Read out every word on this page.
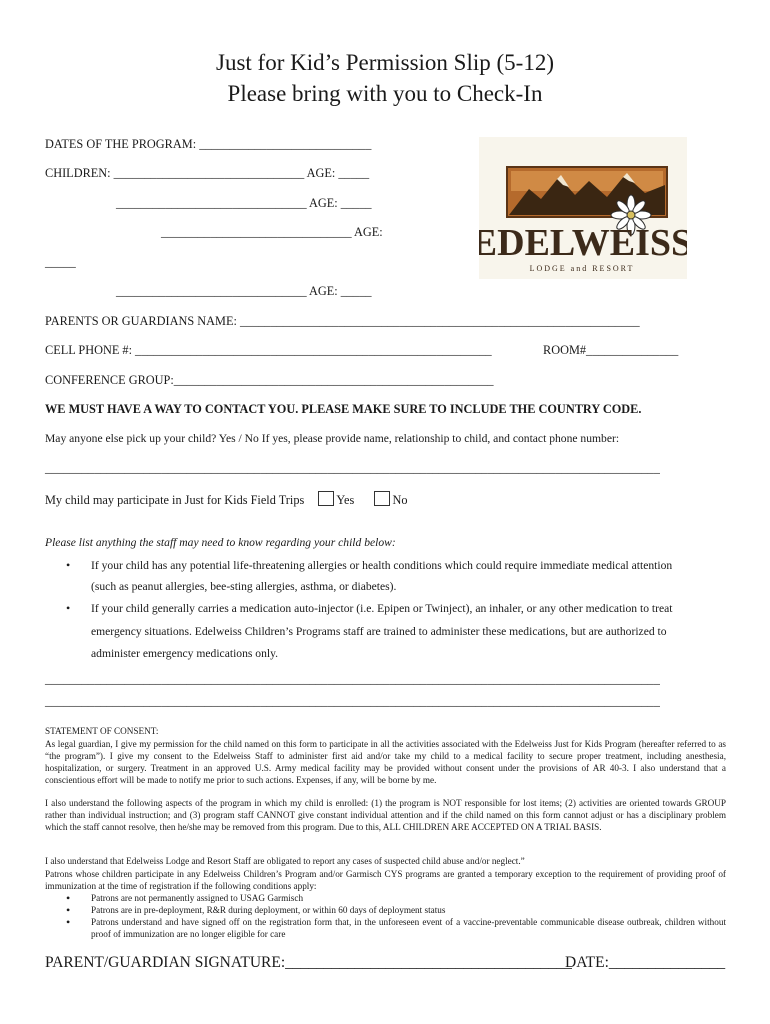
Just for Kid’s Permission Slip (5-12)
Please bring with you to Check-In
EDELWEISS
LODGE and RESORT
DATES OF THE PROGRAM: ____________________________
CHILDREN: _______________________________ AGE: _____
_______________________________ AGE: _____
_______________________________ AGE:
_____
_______________________________ AGE: _____
PARENTS OR GUARDIANS NAME: _________________________________________________________________
CELL PHONE #: __________________________________________________________	ROOM#_______________
CONFERENCE GROUP:____________________________________________________
WE MUST HAVE A WAY TO CONTACT YOU. PLEASE MAKE SURE TO INCLUDE THE COUNTRY CODE.
May anyone else pick up your child? Yes / No If yes, please provide name, relationship to child, and contact phone number:
____________________________________________________________________________________________________
My child may participate in Just for Kids Field Trips	Yes	No
Please list anything the staff may need to know regarding your child below:
• If your child has any potential life-threatening allergies or health conditions which could require immediate medical attention
(such as peanut allergies, bee-sting allergies, asthma, or diabetes).
• If your child generally carries a medication auto-injector (i.e. Epipen or Twinject), an inhaler, or any other medication to treat
emergency situations. Edelweiss Children’s Programs staff are trained to administer these medications, but are authorized to
administer emergency medications only.
____________________________________________________________________________________________________
____________________________________________________________________________________________________
STATEMENT OF CONSENT:
As legal guardian, I give my permission for the child named on this form to participate in all the activities associated with the Edelweiss Just for Kids Program (hereafter referred to as “the program”). I give my consent to the Edelweiss Staff to administer first aid and/or take my child to a medical facility to secure proper treatment, including anesthesia, hospitalization, or surgery. Treatment in an approved U.S. Army medical facility may be provided without consent under the provisions of AR 40-3. I also understand that a conscientious effort will be made to notify me prior to such actions. Expenses, if any, will be borne by me.
I also understand the following aspects of the program in which my child is enrolled: (1) the program is NOT responsible for lost items; (2) activities are oriented towards GROUP rather than individual instruction; and (3) program staff CANNOT give constant individual attention and if the child named on this form cannot adjust or has a disciplinary problem which the staff cannot resolve, then he/she may be removed from this program. Due to this, ALL CHILDREN ARE ACCEPTED ON A TRIAL BASIS.
I also understand that Edelweiss Lodge and Resort Staff are obligated to report any cases of suspected child abuse and/or neglect.”
Patrons whose children participate in any Edelweiss Children’s Program and/or Garmisch CYS programs are granted a temporary exception to the requirement of providing proof of immunization at the time of registration if the following conditions apply:
• Patrons are not permanently assigned to USAG Garmisch
• Patrons are in pre-deployment, R&R during deployment, or within 60 days of deployment status
• Patrons understand and have signed off on the registration form that, in the unforeseen event of a vaccine-preventable communicable disease outbreak, children without proof of immunization are no longer eligible for care
PARENT/GUARDIAN SIGNATURE:_____________________________________
DATE:_______________
